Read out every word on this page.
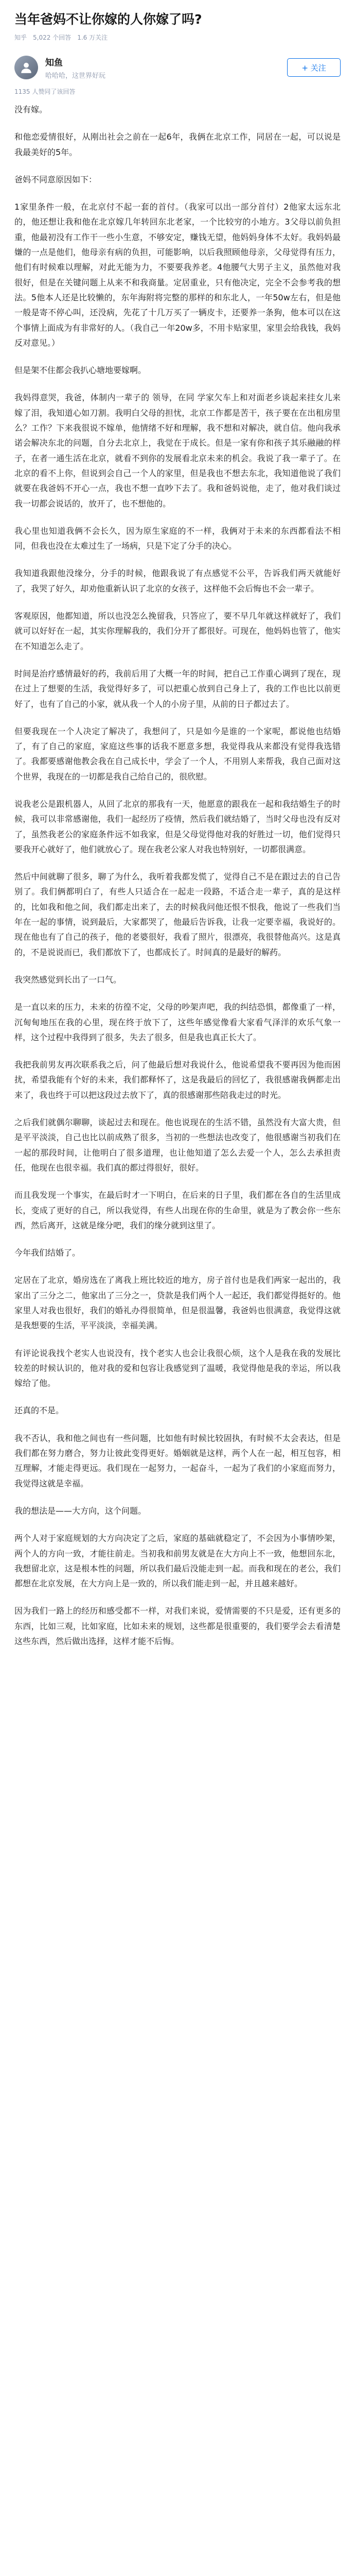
当年爸妈不让你嫁的人你嫁了吗?
知乎 5,022 个回答 1.6 万关注
知鱼
哈哈哈，这世界好玩
+ 关注
1135 人赞同了该回答

没有嫁。

和他恋爱情很好，从刚出社会之前在一起6年，我俩在北京工作，同居在一起，可以说是我最美好的5年。

爸妈不同意原因如下：

1家里条件一般，在北京付不起一套的首付。（我家可以出一部分首付）2他家太远东北的，他还想让我和他在北京嫁几年转回东北老家，一个比较穷的小地方。3父母以前负担重，他最初没有工作干一些小生意，不够安定，赚钱无望，他妈妈身体不太好。我妈妈最嫌的一点是他们，他母亲有病的负担，可能影响，以后我照顾他母亲，父母觉得有压力，他们有时候难以理解，对此无能为力，不要要我养老。4他腰气大男子主义，虽然他对我很好，但是在关键问题上从来不和我商量。定居重业，只有他决定，完全不会参考我的想法。5他本人还是比较懒的，东年海附将完整的那样的和东北人，一年50w左右，但是他一般是寄不停心叫，还没病，先花了十几万买了一辆皮卡，还要养一条狗，他本可以在这个事情上面成为有非常好的人。（我自己一年20w多，不用卡贴家里，家里会给我钱，我妈反对意见。）

但是架不住都会我扒心塘地要嫁啊。

我妈得意哭，我爸，体制内一辈子的 领导，在同 学家欠车上和对面老乡谈起来挂女儿来嫁了泪，我知道心如刀割。我明白父母的担忧，北京工作都是苦干，孩子要在在出租房里么？工作？下来我很说不嫁单，他情绪不好和理解，我不想和对解决，就自信。他向我承诺会解决东北的问题，自分去北京上，我觉在于成长。但是一家有你和孩子其乐融融的样子，在者一通生活在北京，就看不到你的发展看北京未来的机会。我说了我一辈子了。在北京的看不上你，但说到会自己一个人的家里，但是我也不想去东北，我知道他说了我们就要在我爸妈不开心一点，我也不想一直吵下去了。我和爸妈说他，走了，他对我们谈过我一切都会说话的，放开了，也不想他的。

我心里也知道我俩不会长久，因为原生家庭的不一样，我俩对于未来的东西都看法不相同，但我也没在太难过生了一场病，只是下定了分手的决心。

我知道我跟他没缘分，分手的时候，他跟我说了有点感觉不公平，告诉我们两天就能好了，我哭了好久，却劝他重新认识了北京的女孩子，这样他不会后悔也不会一辈子。

客观原因，他都知道，所以也没怎么挽留我，只答应了，要不早几年就这样就好了，我们就可以好好在一起，其实你理解我的，我们分开了都很好。可现在，他妈妈也管了，他实在不知道怎么走了。

时间是治疗感情最好的药，我前后用了大概一年的时间，把自己工作重心调到了现在，现在过上了想要的生活，我觉得好多了，可以把重心放到自己身上了，我的工作也比以前更好了，也有了自己的小家，就从我一个人的小房子里，从前的日子都过去了。

但要我现在一个人决定了解决了，我想问了，只是如今是谁的一个家呢，都说他也结婚了，有了自己的家庭，家庭这些事的话我不愿意多想，我觉得我从来都没有觉得我选错了。我都要感谢他教会我在自己成长中，学会了一个人，不用别人来帮我，我自己面对这个世界，我现在的一切都是我自己给自己的，很欣慰。

说我老公是跟机器人，从回了北京的那我有一天，他愿意的跟我在一起和我结婚生子的时候，我可以非常感谢他，我们一起经历了疫情，然后我们就结婚了，当时父母也没有反对了，虽然我老公的家庭条件远不如我家，但是父母觉得他对我的好胜过一切，他们觉得只要我开心就好了，他们就放心了。现在我老公家人对我也特别好，一切都很满意。

然后中间就聊了很多，聊了为什么，我听着我都发慌了，觉得自己不是在跟过去的自己告别了。我们俩都明白了，有些人只适合在一起走一段路，不适合走一辈子，真的是这样的，比如我和他之间，我们都走出来了，去的时候我问他还恨不恨我，他说了一些我们当年在一起的事情，说到最后，大家都哭了，他最后告诉我，让我一定要幸福，我说好的。现在他也有了自己的孩子，他的老婆很好，我看了照片，很漂亮，我很替他高兴。这是真的，不是说说而已，我们都放下了，也都成长了。时间真的是最好的解药。

我突然感觉到长出了一口气。

是一直以来的压力，未来的彷徨不定，父母的吵架声吧，我的纠结恐惧，都像重了一样，沉甸甸地压在我的心里，现在终于放下了，这些年感觉像看大家看气泽洋的欢乐气象一样，这个过程中我得到了很多，失去了很多，但是我也真正长大了。

我把我前男友再次联系我之后，问了他最后想对我说什么，他说希望我不要再因为他而困扰，希望我能有个好的未来，我们都释怀了，这是我最后的回忆了，我很感谢我俩都走出来了，我也终于可以把这段过去放下了，真的很感谢那些陪我走过的时光。

之后我们就偶尔聊聊，谈起过去和现在。他也说现在的生活不错，虽然没有大富大贵，但是平平淡淡，自己也比以前成熟了很多，当初的一些想法也改变了，他很感谢当初我们在一起的那段时间，让他明白了很多道理，也让他知道了怎么去爱一个人，怎么去承担责任，他现在也很幸福。我们真的都过得很好，很好。

而且我发现一个事实，在最后时才一下明白，在后来的日子里，我们都在各自的生活里成长，变成了更好的自己，所以我觉得，有些人出现在你的生命里，就是为了教会你一些东西，然后离开，这就是缘分吧，我们的缘分就到这里了。

今年我们结婚了。

定居在了北京，婚房选在了离我上班比较近的地方，房子首付也是我们两家一起出的，我家出了三分之二，他家出了三分之一，贷款是我们两个人一起还，我们都觉得挺好的。他家里人对我也很好，我们的婚礼办得很简单，但是很温馨，我爸妈也很满意，我觉得这就是我想要的生活，平平淡淡，幸福美满。

有评论说我找个老实人也说没有，找个老实人也会让我很心烦，这个人是我在我的发展比较差的时候认识的，他对我的爱和包容让我感觉到了温暖，我觉得他是我的幸运，所以我嫁给了他。

还真的不是。

我不否认，我和他之间也有一些问题，比如他有时候比较固执，有时候不太会表达，但是我们都在努力磨合，努力让彼此变得更好。婚姻就是这样，两个人在一起，相互包容，相互理解，才能走得更远。我们现在一起努力，一起奋斗，一起为了我们的小家庭而努力，我觉得这就是幸福。

我的想法是——大方向，这个问题。

两个人对于家庭规划的大方向决定了之后，家庭的基础就稳定了，不会因为小事情吵架，两个人的方向一致，才能往前走。当初我和前男友就是在大方向上不一致，他想回东北，我想留北京，这是根本性的问题，所以我们最后没能走到一起。而我和现在的老公，我们都想在北京发展，在大方向上是一致的，所以我们能走到一起，并且越来越好。

因为我们一路上的经历和感受都不一样，对我们来说，爱情需要的不只是爱，还有更多的东西，比如三观，比如家庭，比如未来的规划，这些都是很重要的，我们要学会去看清楚这些东西，然后做出选择，这样才能不后悔。
